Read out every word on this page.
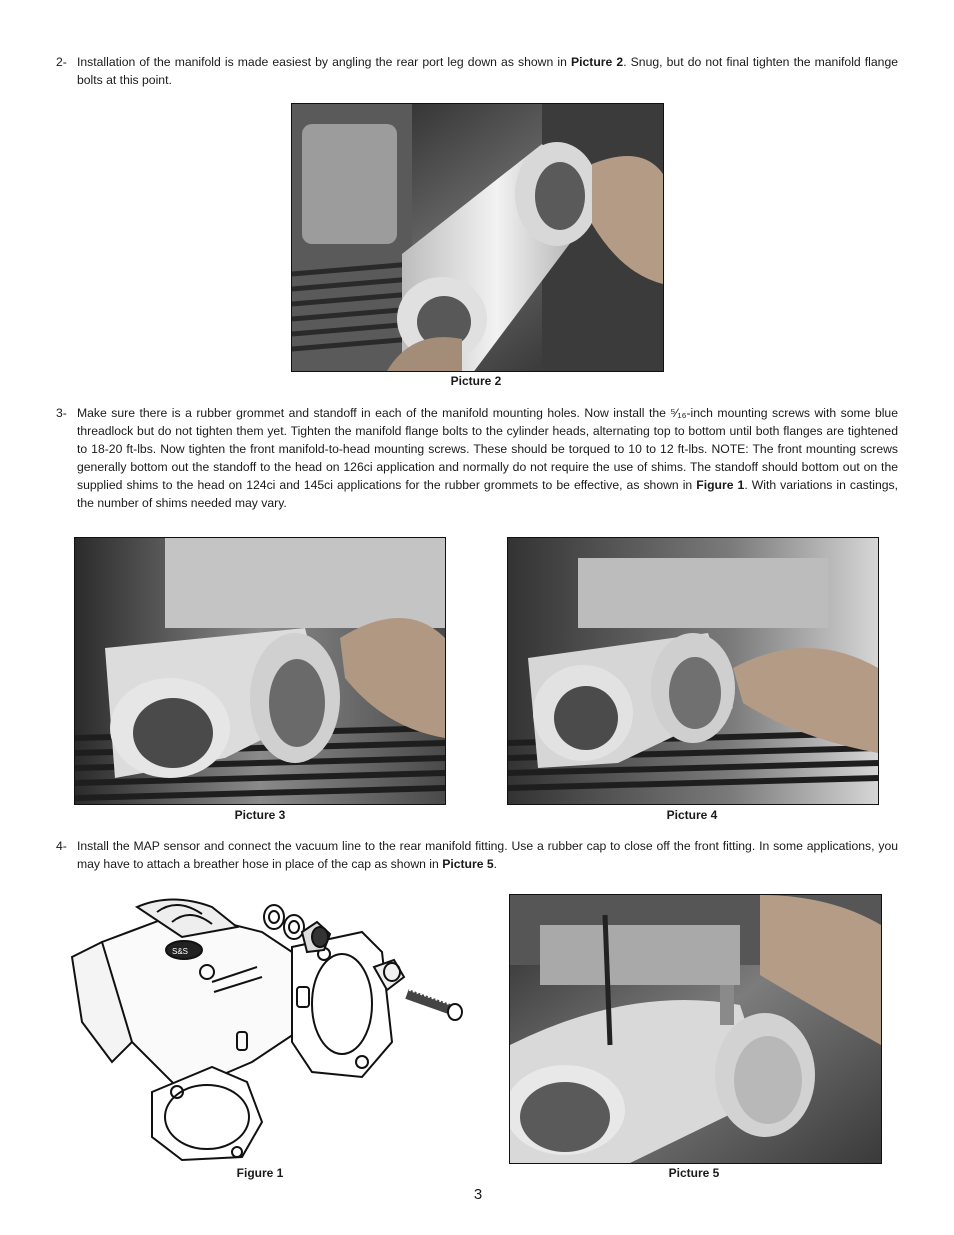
2- Installation of the manifold is made easiest by angling the rear port leg down as shown in Picture 2. Snug, but do not final tighten the manifold flange bolts at this point.
Picture 2
3- Make sure there is a rubber grommet and standoff in each of the manifold mounting holes. Now install the ⁵⁄₁₆-inch mounting screws with some blue threadlock but do not tighten them yet. Tighten the manifold flange bolts to the cylinder heads, alternating top to bottom until both flanges are tightened to 18-20 ft-lbs. Now tighten the front manifold-to-head mounting screws. These should be torqued to 10 to 12 ft-lbs. NOTE: The front mounting screws generally bottom out the standoff to the head on 126ci application and normally do not require the use of shims. The standoff should bottom out on the supplied shims to the head on 124ci and 145ci applications for the rubber grommets to be effective, as shown in Figure 1. With variations in castings, the number of shims needed may vary.
Picture 3	Picture 4
4- Install the MAP sensor and connect the vacuum line to the rear manifold fitting. Use a rubber cap to close off the front fitting. In some applications, you may have to attach a breather hose in place of the cap as shown in Picture 5.
S&S
Figure 1	Picture 5
3
